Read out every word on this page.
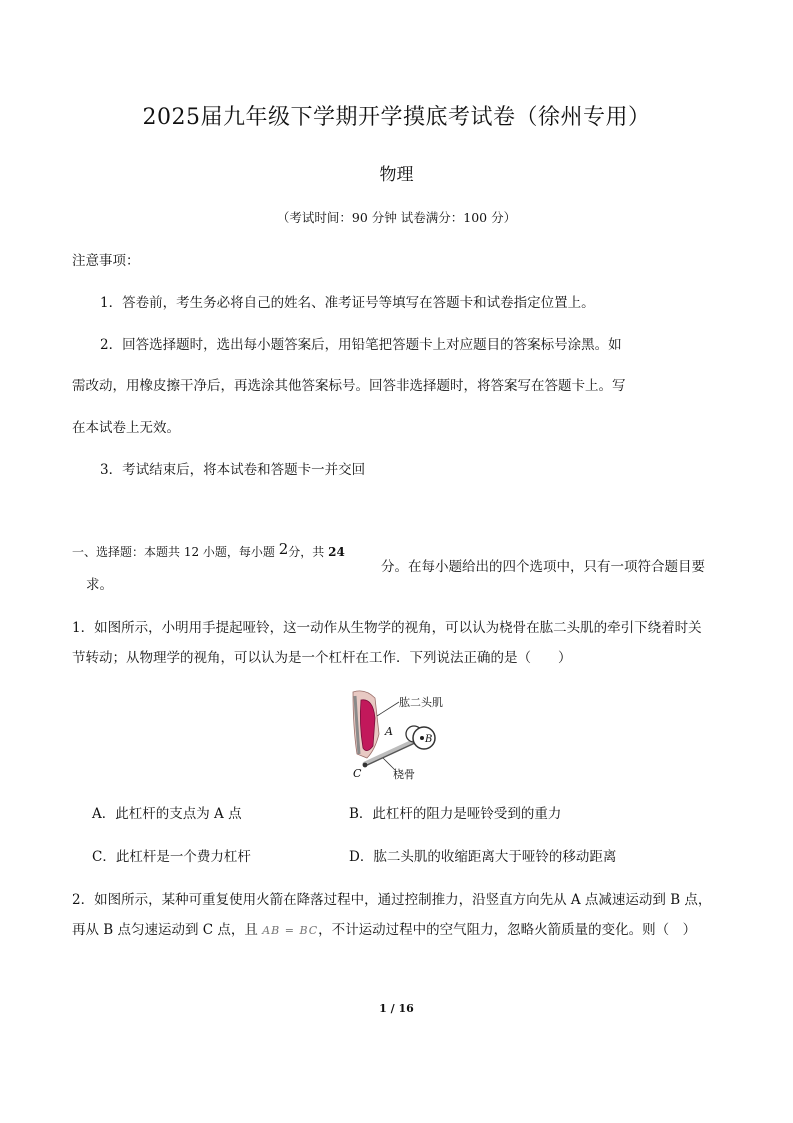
2025届九年级下学期开学摸底考试卷（徐州专用）
物理
（考试时间：90 分钟 试卷满分：100 分）
注意事项：
1．答卷前，考生务必将自己的姓名、准考证号等填写在答题卡和试卷指定位置上。
2．回答选择题时，选出每小题答案后，用铅笔把答题卡上对应题目的答案标号涂黑。如
需改动，用橡皮擦干净后，再选涂其他答案标号。回答非选择题时，将答案写在答题卡上。写
在本试卷上无效。
3．考试结束后，将本试卷和答题卡一并交回
一、选择题：本题共 12 小题，每小题 2分，共 24
分。在每小题给出的四个选项中，只有一项符合题目要
求。
1．如图所示，小明用手提起哑铃，这一动作从生物学的视角，可以认为桡骨在肱二头肌的牵引下绕着时关
节转动；从物理学的视角，可以认为是一个杠杆在工作．下列说法正确的是（　　）
肱二头肌
桡骨
A
B
C
A．此杠杆的支点为 A 点	B．此杠杆的阻力是哑铃受到的重力
C．此杠杆是一个费力杠杆	D．肱二头肌的收缩距离大于哑铃的移动距离
2．如图所示，某种可重复使用火箭在降落过程中，通过控制推力，沿竖直方向先从 A 点减速运动到 B 点，
再从 B 点匀速运动到 C 点，且 AB = BC，不计运动过程中的空气阻力，忽略火箭质量的变化。则（　）
1 / 16
